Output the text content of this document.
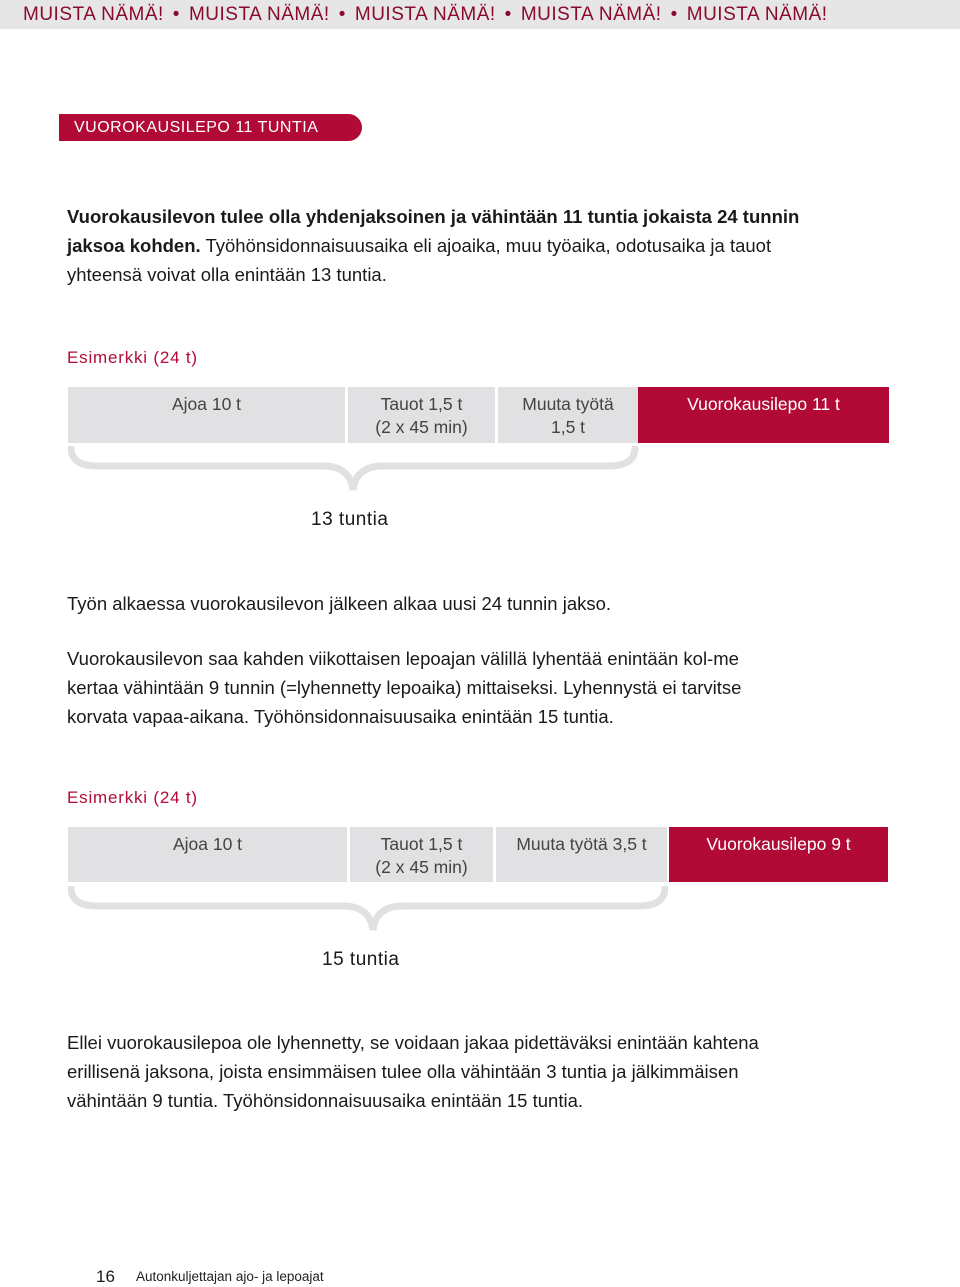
MUISTA NÄMÄ! • MUISTA NÄMÄ! • MUISTA NÄMÄ! • MUISTA NÄMÄ! • MUISTA NÄMÄ!
VUOROKAUSILEPO 11 TUNTIA
Vuorokausilevon tulee olla yhdenjaksoinen ja vähintään 11 tuntia jokaista 24 tunnin jaksoa kohden. Työhönsidonnaisuusaika eli ajoaika, muu työaika, odotusaika ja tauot yhteensä voivat olla enintään 13 tuntia.
Esimerkki (24 t)
Ajoa 10 t	Tauot 1,5 t
(2 x 45 min)
Muuta työtä
1,5 t
Vuorokausilepo 11 t
13 tuntia
Työn alkaessa vuorokausilevon jälkeen alkaa uusi 24 tunnin jakso.
Vuorokausilevon saa kahden viikottaisen lepoajan välillä lyhentää enintään kol-me kertaa vähintään 9 tunnin (=lyhennetty lepoaika) mittaiseksi. Lyhennystä ei tarvitse korvata vapaa-aikana. Työhönsidonnaisuusaika enintään 15 tuntia.
Esimerkki (24 t)
Ajoa 10 t	Tauot 1,5 t
(2 x 45 min)
Muuta työtä 3,5 t	Vuorokausilepo 9 t
15 tuntia
Ellei vuorokausilepoa ole lyhennetty, se voidaan jakaa pidettäväksi enintään kahtena erillisenä jaksona, joista ensimmäisen tulee olla vähintään 3 tuntia ja jälkimmäisen vähintään 9 tuntia. Työhönsidonnaisuusaika enintään 15 tuntia.
16 Autonkuljettajan ajo- ja lepoajat
